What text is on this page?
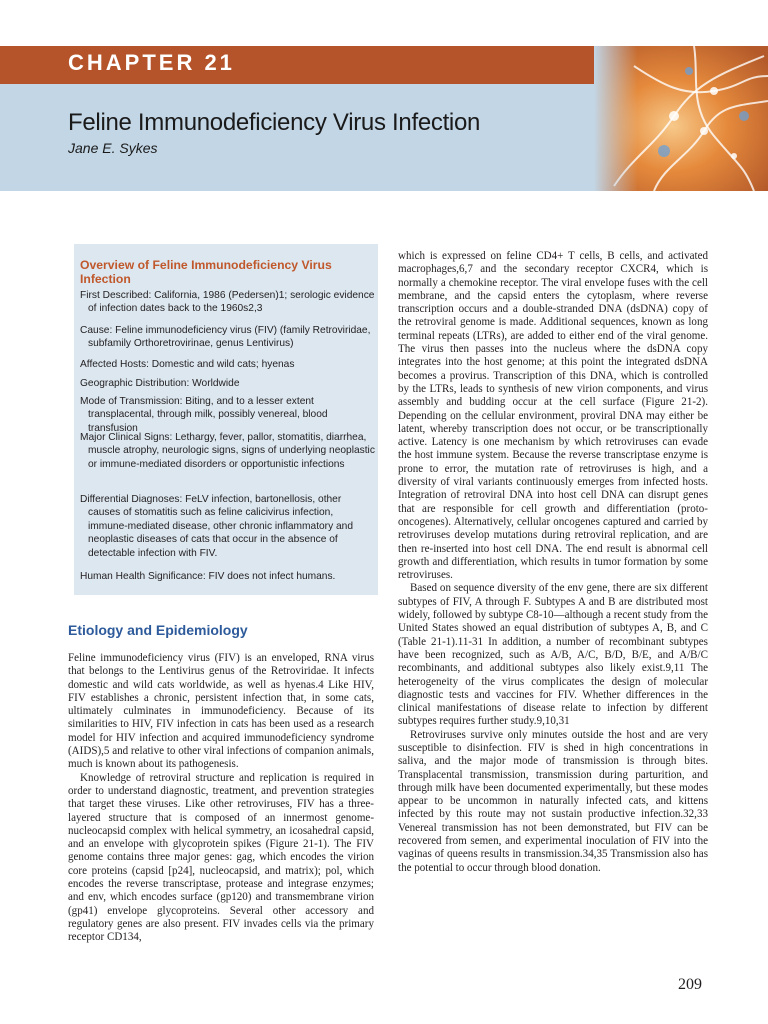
CHAPTER 21
Feline Immunodeficiency Virus Infection
Jane E. Sykes
Overview of Feline Immunodeficiency Virus Infection
First Described: California, 1986 (Pedersen)1; serologic evidence of infection dates back to the 1960s2,3
Cause: Feline immunodeficiency virus (FIV) (family Retroviridae, subfamily Orthoretrovirinae, genus Lentivirus)
Affected Hosts: Domestic and wild cats; hyenas
Geographic Distribution: Worldwide
Mode of Transmission: Biting, and to a lesser extent transplacental, through milk, possibly venereal, blood transfusion
Major Clinical Signs: Lethargy, fever, pallor, stomatitis, diarrhea, muscle atrophy, neurologic signs, signs of underlying neoplastic or immune-mediated disorders or opportunistic infections
Differential Diagnoses: FeLV infection, bartonellosis, other causes of stomatitis such as feline calicivirus infection, immune-mediated disease, other chronic inflammatory and neoplastic diseases of cats that occur in the absence of detectable infection with FIV.
Human Health Significance: FIV does not infect humans.
Etiology and Epidemiology

Feline immunodeficiency virus (FIV) is an enveloped, RNA virus that belongs to the Lentivirus genus of the Retroviridae. It infects domestic and wild cats worldwide, as well as hyenas.4 Like HIV, FIV establishes a chronic, persistent infection that, in some cats, ultimately culminates in immunodeficiency. Because of its similarities to HIV, FIV infection in cats has been used as a research model for HIV infection and acquired immunodeficiency syndrome (AIDS),5 and relative to other viral infections of companion animals, much is known about its pathogenesis.

Knowledge of retroviral structure and replication is required in order to understand diagnostic, treatment, and prevention strategies that target these viruses. Like other retroviruses, FIV has a three-layered structure that is composed of an innermost genome-nucleocapsid complex with helical symmetry, an icosahedral capsid, and an envelope with glycoprotein spikes (Figure 21-1). The FIV genome contains three major genes: gag, which encodes the virion core proteins (capsid [p24], nucleocapsid, and matrix); pol, which encodes the reverse transcriptase, protease and integrase enzymes; and env, which encodes surface (gp120) and transmembrane virion (gp41) envelope glycoproteins. Several other accessory and regulatory genes are also present. FIV invades cells via the primary receptor CD134,

which is expressed on feline CD4+ T cells, B cells, and activated macrophages,6,7 and the secondary receptor CXCR4, which is normally a chemokine receptor. The viral envelope fuses with the cell membrane, and the capsid enters the cytoplasm, where reverse transcription occurs and a double-stranded DNA (dsDNA) copy of the retroviral genome is made. Additional sequences, known as long terminal repeats (LTRs), are added to either end of the viral genome. The virus then passes into the nucleus where the dsDNA copy integrates into the host genome; at this point the integrated dsDNA becomes a provirus. Transcription of this DNA, which is controlled by the LTRs, leads to synthesis of new virion components, and virus assembly and budding occur at the cell surface (Figure 21-2). Depending on the cellular environment, proviral DNA may either be latent, whereby transcription does not occur, or be transcriptionally active. Latency is one mechanism by which retroviruses can evade the host immune system. Because the reverse transcriptase enzyme is prone to error, the mutation rate of retroviruses is high, and a diversity of viral variants continuously emerges from infected hosts. Integration of retroviral DNA into host cell DNA can disrupt genes that are responsible for cell growth and differentiation (proto-oncogenes). Alternatively, cellular oncogenes captured and carried by retroviruses develop mutations during retroviral replication, and are then re-inserted into host cell DNA. The end result is abnormal cell growth and differentiation, which results in tumor formation by some retroviruses.

Based on sequence diversity of the env gene, there are six different subtypes of FIV, A through F. Subtypes A and B are distributed most widely, followed by subtype C8-10—although a recent study from the United States showed an equal distribution of subtypes A, B, and C (Table 21-1).11-31 In addition, a number of recombinant subtypes have been recognized, such as A/B, A/C, B/D, B/E, and A/B/C recombinants, and additional subtypes also likely exist.9,11 The heterogeneity of the virus complicates the design of molecular diagnostic tests and vaccines for FIV. Whether differences in the clinical manifestations of disease relate to infection by different subtypes requires further study.9,10,31

Retroviruses survive only minutes outside the host and are very susceptible to disinfection. FIV is shed in high concentrations in saliva, and the major mode of transmission is through bites. Transplacental transmission, transmission during parturition, and through milk have been documented experimentally, but these modes appear to be uncommon in naturally infected cats, and kittens infected by this route may not sustain productive infection.32,33 Venereal transmission has not been demonstrated, but FIV can be recovered from semen, and experimental inoculation of FIV into the vaginas of queens results in transmission.34,35 Transmission also has the potential to occur through blood donation.

209
